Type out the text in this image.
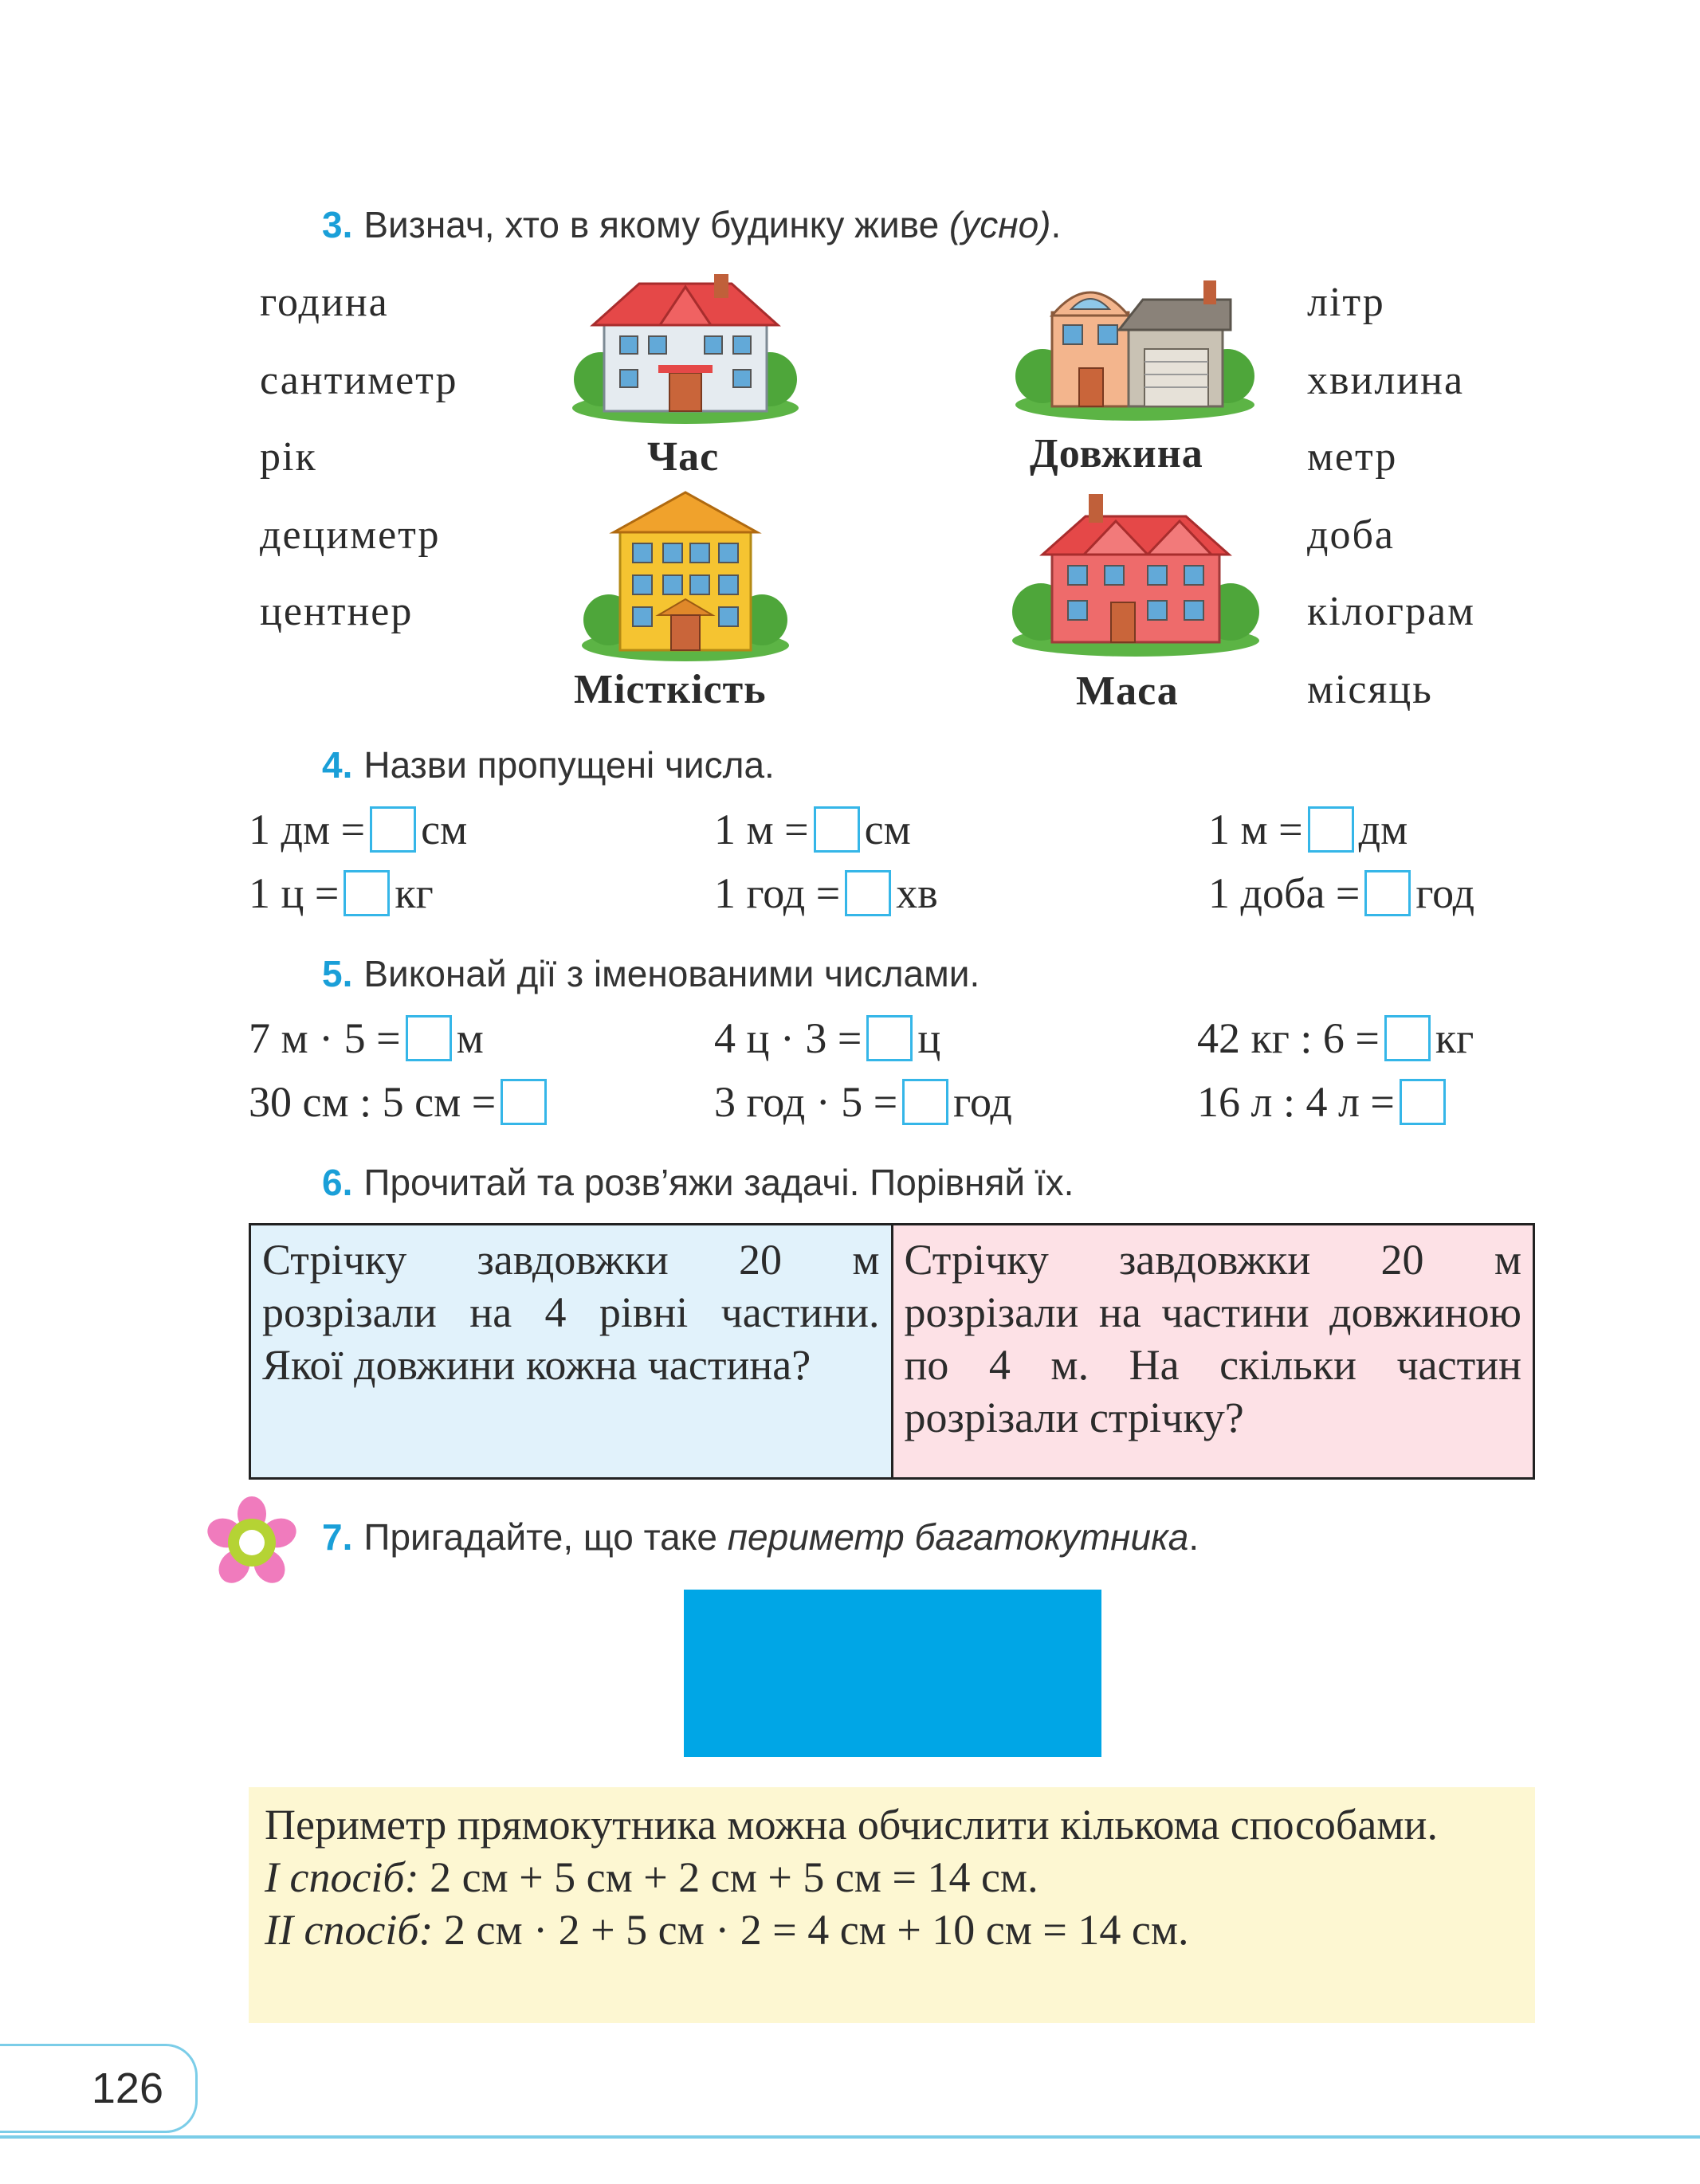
3. Визнач, хто в якому будинку живе (усно).
година
сантиметр
рік
дециметр
центнер
літр
хвилина
метр
доба
кілограм
місяць
Час	Довжина
Місткість	Маса
4. Назви пропущені числа.
1 дм = см	1 м = см	1 м = дм
1 ц = кг	1 год = хв	1 доба = год
5. Виконай дії з іменованими числами.
7 м · 5 = м	4 ц · 3 = ц	42 кг : 6 = кг
30 см : 5 см =	3 год · 5 = год	16 л : 4 л =
6. Прочитай та розв’яжи задачі. Порівняй їх.
Стрічку завдовжки 20 м розрізали на 4 рівні частини. Якої довжини кожна частина?
Стрічку завдовжки 20 м розрізали на частини довжиною по 4 м. На скільки частин розрізали стрічку?
7. Пригадайте, що таке периметр багатокутника.

Периметр прямокутника можна обчислити кількома способами.

I спосіб: 2 см + 5 см + 2 см + 5 см = 14 см.

II спосіб: 2 см · 2 + 5 см · 2 = 4 см + 10 см = 14 см.

126
